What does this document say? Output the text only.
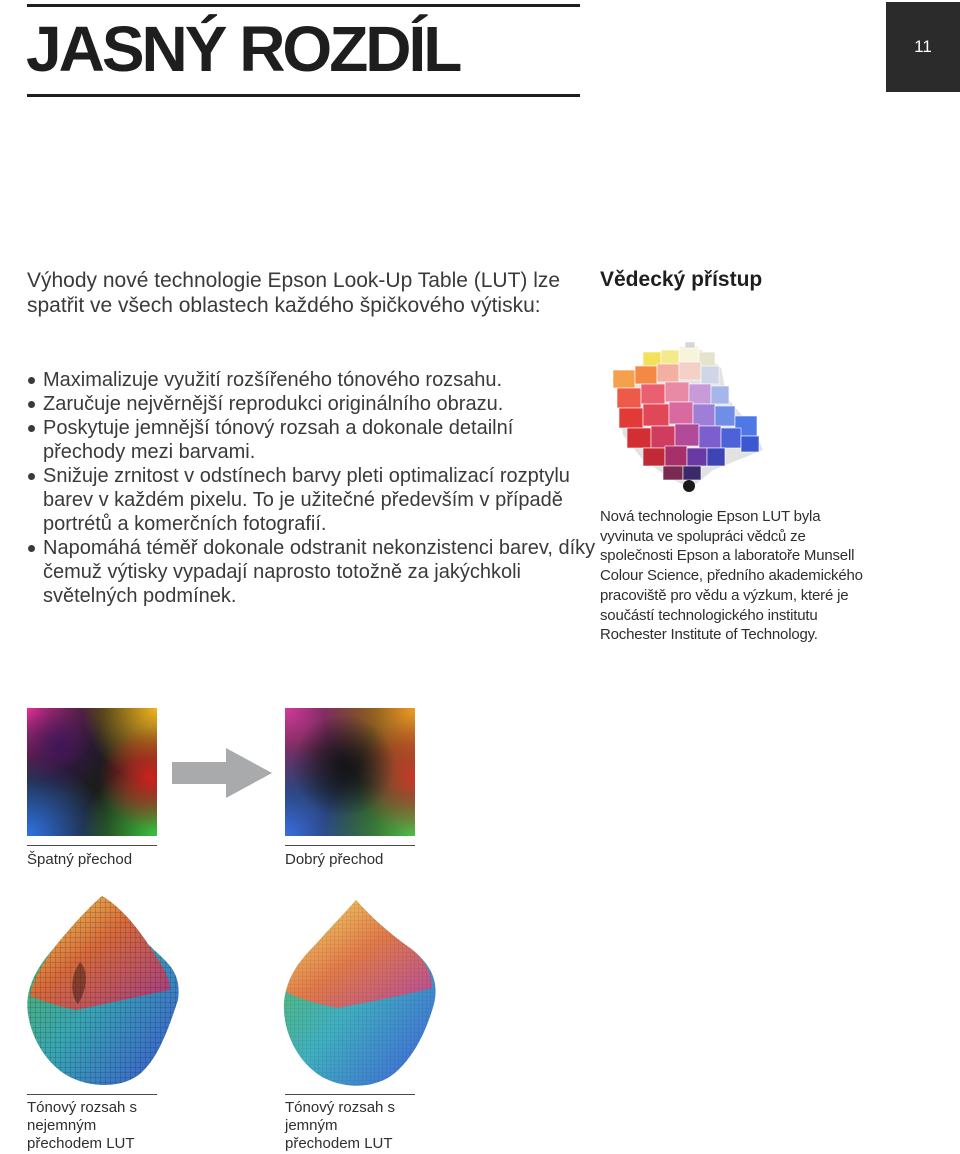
JASNÝ ROZDÍL	11

Výhody nové technologie Epson Look-Up Table (LUT) lze spatřit ve všech oblastech každého špičkového výtisku:

Maximalizuje využití rozšířeného tónového rozsahu.
Zaručuje nejvěrnější reprodukci originálního obrazu.
Poskytuje jemnější tónový rozsah a dokonale detailní přechody mezi barvami.
Snižuje zrnitost v odstínech barvy pleti optimalizací rozptylu barev v každém pixelu. To je užitečné především v případě portrétů a komerčních fotografií.
Napomáhá téměř dokonale odstranit nekonzistenci barev, díky čemuž výtisky vypadají naprosto totožně za jakýchkoli světelných podmínek.
Vědecký přístup

Nová technologie Epson LUT byla vyvinuta ve spolupráci vědců ze společnosti Epson a laboratoře Munsell Colour Science, předního akademického pracoviště pro vědu a výzkum, které je součástí technologického institutu Rochester Institute of Technology.

Špatný přechod	Dobrý přechod

Tónový rozsah s nejemným přechodem LUT

Tónový rozsah s jemným přechodem LUT
